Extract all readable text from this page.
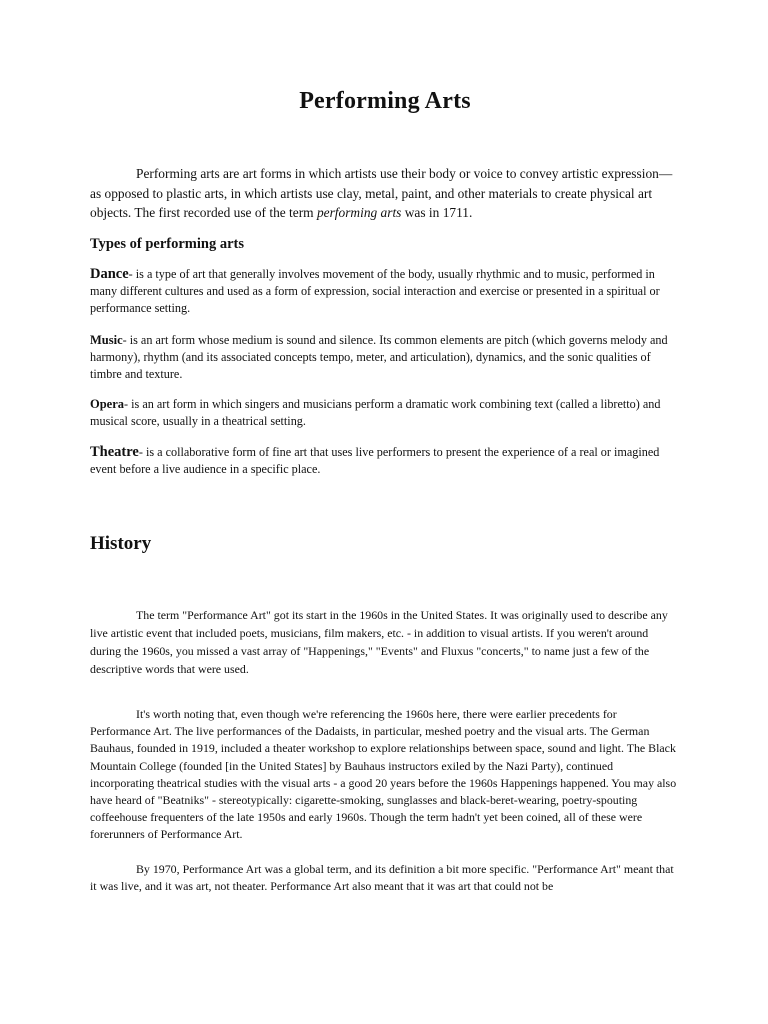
Performing Arts

Performing arts are art forms in which artists use their body or voice to convey artistic expression—as opposed to plastic arts, in which artists use clay, metal, paint, and other materials to create physical art objects. The first recorded use of the term performing arts was in 1711.

Types of performing arts

Dance- is a type of art that generally involves movement of the body, usually rhythmic and to music, performed in many different cultures and used as a form of expression, social interaction and exercise or presented in a spiritual or performance setting.

Music- is an art form whose medium is sound and silence. Its common elements are pitch (which governs melody and harmony), rhythm (and its associated concepts tempo, meter, and articulation), dynamics, and the sonic qualities of timbre and texture.

Opera- is an art form in which singers and musicians perform a dramatic work combining text (called a libretto) and musical score, usually in a theatrical setting.

Theatre- is a collaborative form of fine art that uses live performers to present the experience of a real or imagined event before a live audience in a specific place.

History

The term "Performance Art" got its start in the 1960s in the United States. It was originally used to describe any live artistic event that included poets, musicians, film makers, etc. - in addition to visual artists. If you weren't around during the 1960s, you missed a vast array of "Happenings," "Events" and Fluxus "concerts," to name just a few of the descriptive words that were used.

It's worth noting that, even though we're referencing the 1960s here, there were earlier precedents for Performance Art. The live performances of the Dadaists, in particular, meshed poetry and the visual arts. The German Bauhaus, founded in 1919, included a theater workshop to explore relationships between space, sound and light. The Black Mountain College (founded [in the United States] by Bauhaus instructors exiled by the Nazi Party), continued incorporating theatrical studies with the visual arts - a good 20 years before the 1960s Happenings happened. You may also have heard of "Beatniks" - stereotypically: cigarette-smoking, sunglasses and black-beret-wearing, poetry-spouting coffeehouse frequenters of the late 1950s and early 1960s. Though the term hadn't yet been coined, all of these were forerunners of Performance Art.

By 1970, Performance Art was a global term, and its definition a bit more specific. "Performance Art" meant that it was live, and it was art, not theater. Performance Art also meant that it was art that could not be
